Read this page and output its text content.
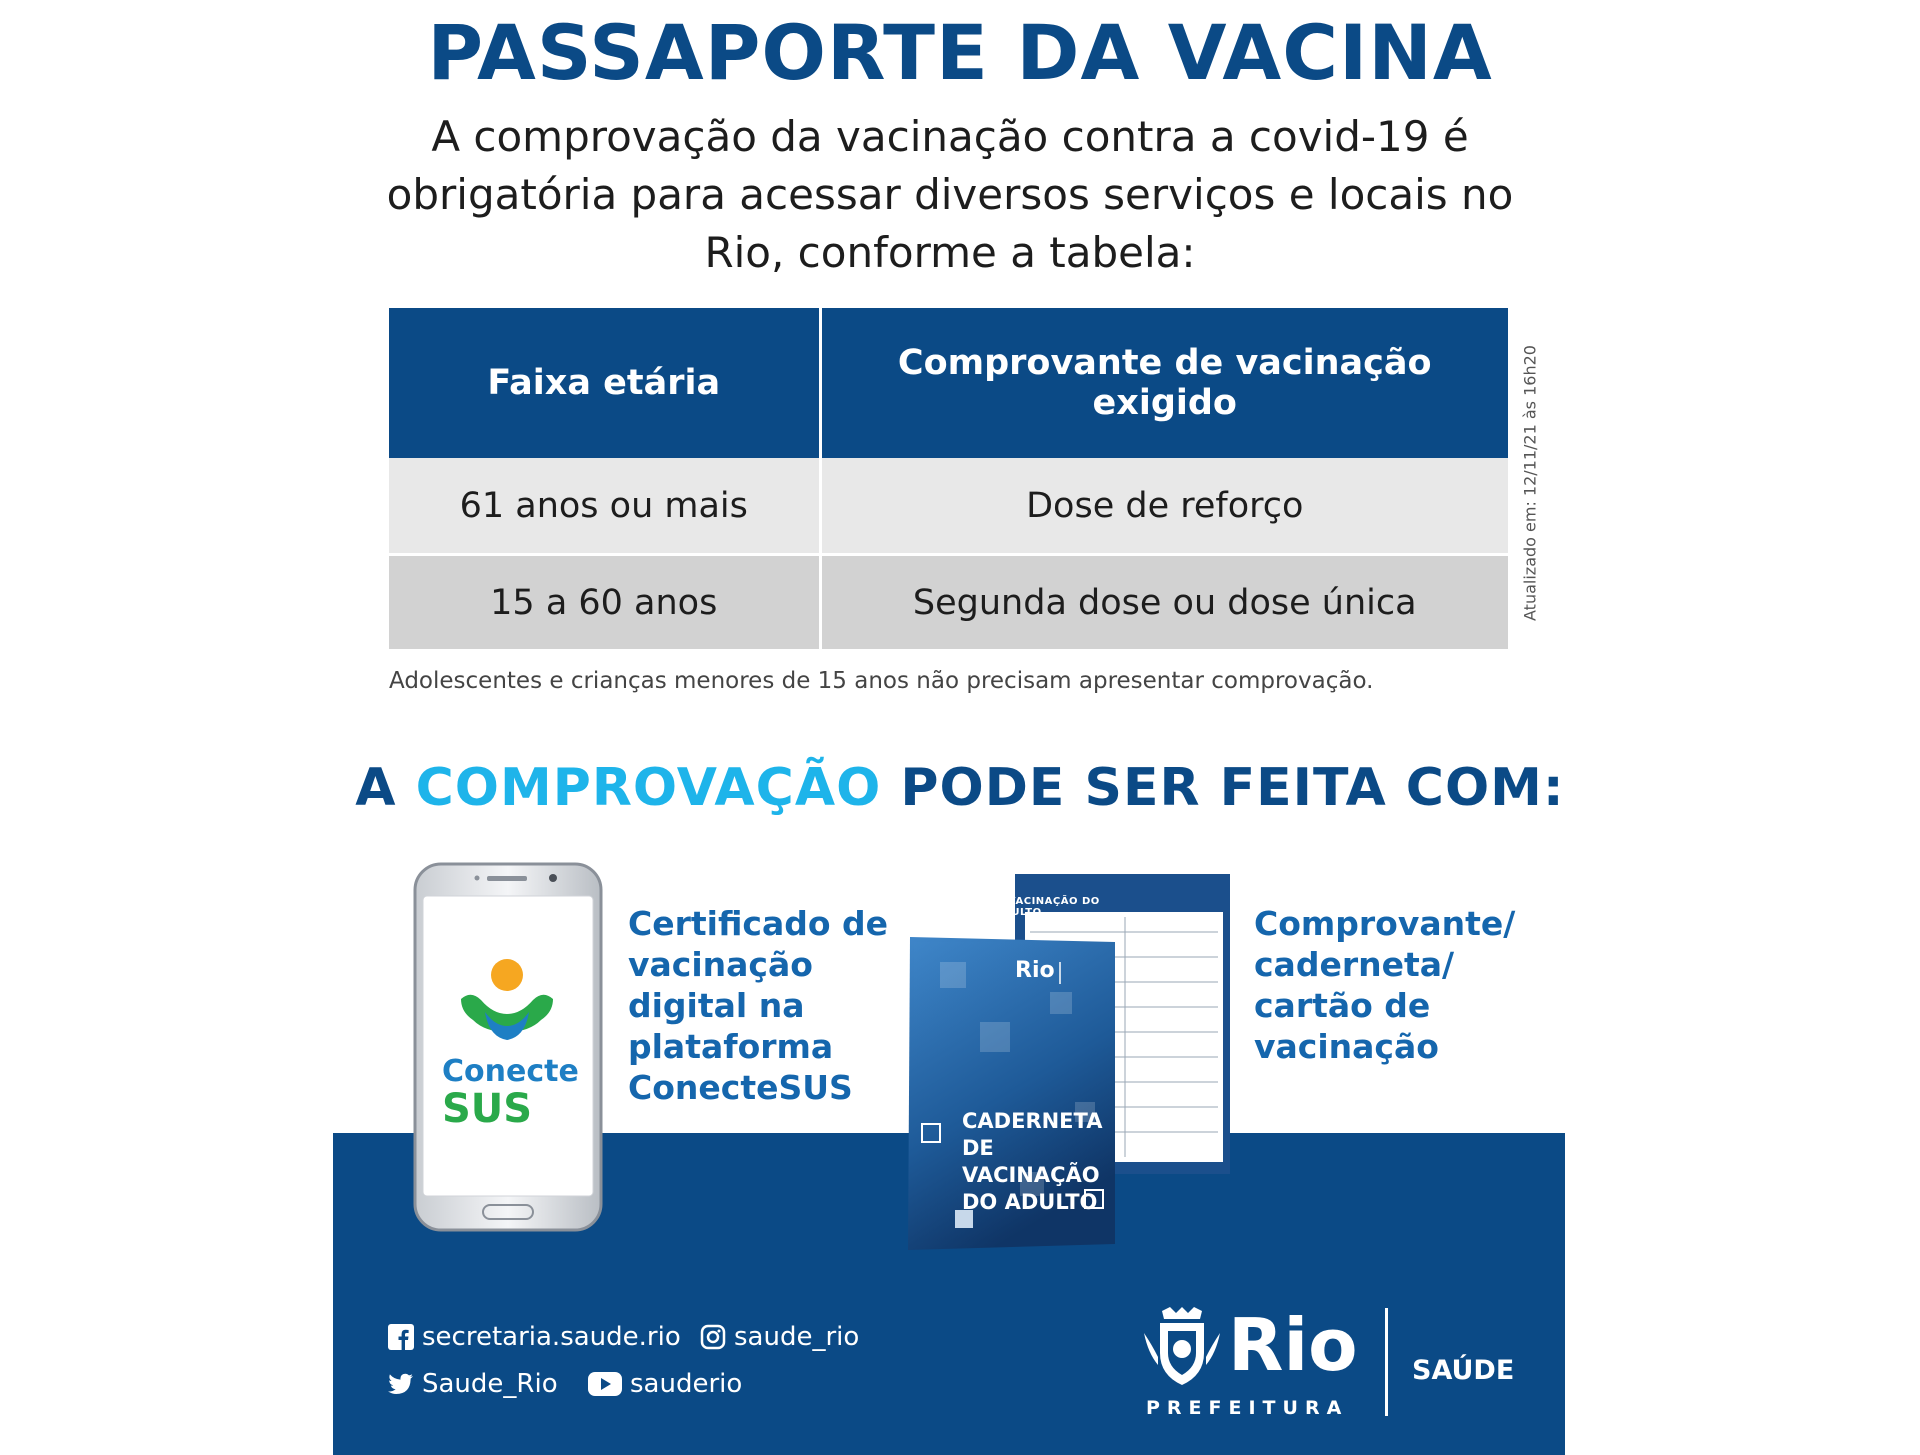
PASSAPORTE DA VACINA
A comprovação da vacinação contra a covid-19 é obrigatória para acessar diversos serviços e locais no Rio, conforme a tabela:
Faixa etária	Comprovante de vacinação exigido
61 anos ou mais	Dose de reforço
15 a 60 anos	Segunda dose ou dose única	Atualizado em: 12/11/21 às 16h20
Adolescentes e crianças menores de 15 anos não precisam apresentar comprovação.
A COMPROVAÇÃO PODE SER FEITA COM:
Conecte
SUS
Certificado de vacinação digital na plataforma ConecteSUS
CARTÃO DE VACINAÇÃO DO ADULTO
Rio
CADERNETA DE VACINAÇÃO DO ADULTO
Comprovante/ caderneta/ cartão de vacinação
secretaria.saude.rio saude_rio
Saude_Rio	sauderio	Rio
PREFEITURA
SAÚDE
